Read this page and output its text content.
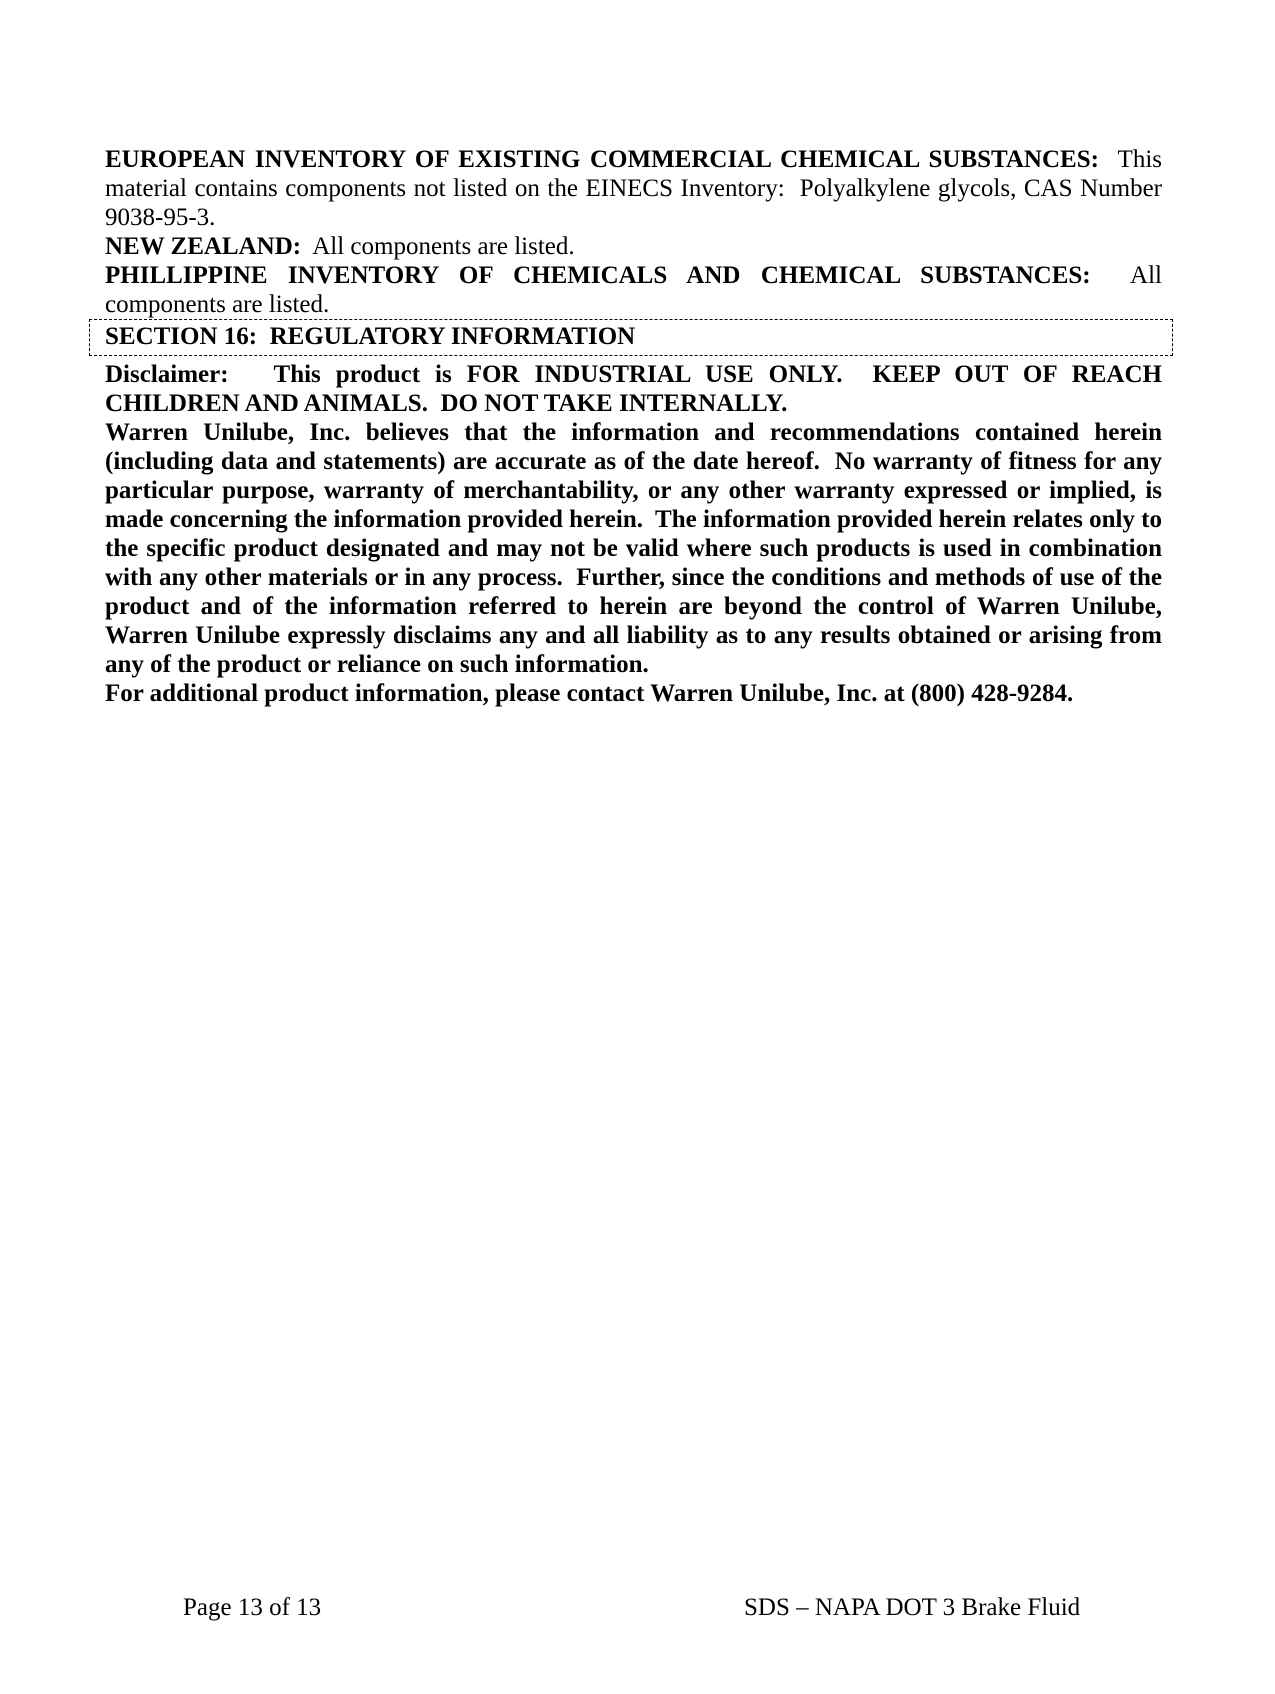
EUROPEAN INVENTORY OF EXISTING COMMERCIAL CHEMICAL SUBSTANCES:  This material contains components not listed on the EINECS Inventory:  Polyalkylene glycols, CAS Number 9038-95-3.

NEW ZEALAND:  All components are listed.

PHILLIPPINE INVENTORY OF CHEMICALS AND CHEMICAL SUBSTANCES:  All components are listed.

SECTION 16:  REGULATORY INFORMATION

Disclaimer:   This product is FOR INDUSTRIAL USE ONLY.  KEEP OUT OF REACH CHILDREN AND ANIMALS.  DO NOT TAKE INTERNALLY.

Warren Unilube, Inc. believes that the information and recommendations contained herein (including data and statements) are accurate as of the date hereof.  No warranty of fitness for any particular purpose, warranty of merchantability, or any other warranty expressed or implied, is made concerning the information provided herein.  The information provided herein relates only to the specific product designated and may not be valid where such products is used in combination with any other materials or in any process.  Further, since the conditions and methods of use of the product and of the information referred to herein are beyond the control of Warren Unilube, Warren Unilube expressly disclaims any and all liability as to any results obtained or arising from any of the product or reliance on such information.

For additional product information, please contact Warren Unilube, Inc. at (800) 428-9284.

Page 13 of 13	SDS – NAPA DOT 3 Brake Fluid
